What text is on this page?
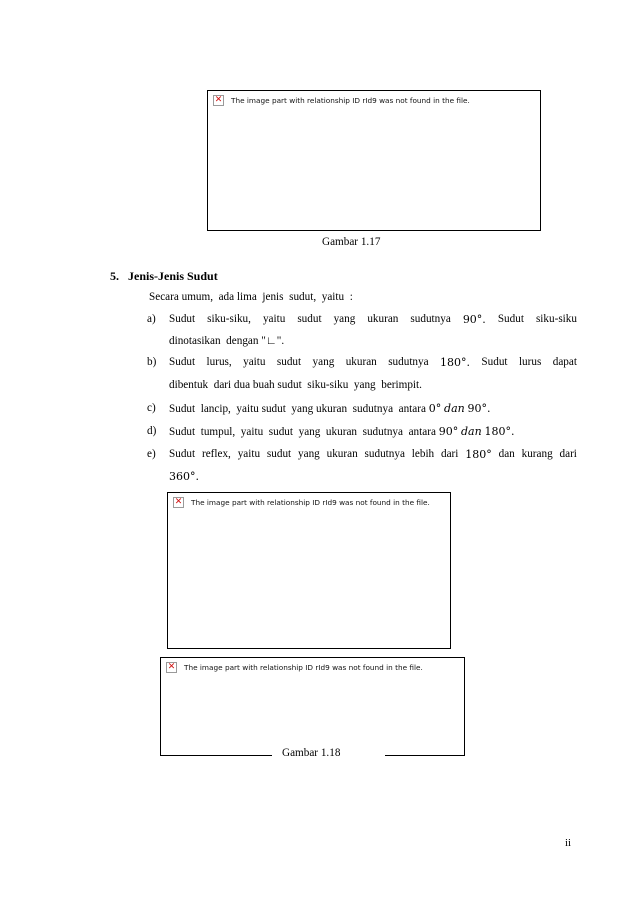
✕ The image part with relationship ID rId9 was not found in the file.
Gambar 1.17
5.   Jenis-Jenis Sudut
Secara umum,  ada lima  jenis  sudut,  yaitu  :
a) Sudut siku-siku, yaitu sudut yang ukuran sudutnya 90°. Sudut siku-siku
dinotasikan  dengan "∟".
b) Sudut lurus, yaitu sudut yang ukuran sudutnya 180°. Sudut lurus dapat
dibentuk  dari dua buah sudut  siku-siku  yang  berimpit.
c) Sudut  lancip,  yaitu sudut  yang ukuran  sudutnya  antara 0° dan 90°.
d) Sudut  tumpul,  yaitu  sudut  yang  ukuran  sudutnya  antara 90° dan 180°.
e) Sudut reflex, yaitu sudut yang ukuran sudutnya lebih dari 180° dan kurang dari
360°.
✕ The image part with relationship ID rId9 was not found in the file.
✕ The image part with relationship ID rId9 was not found in the file.
Gambar 1.18
ii
